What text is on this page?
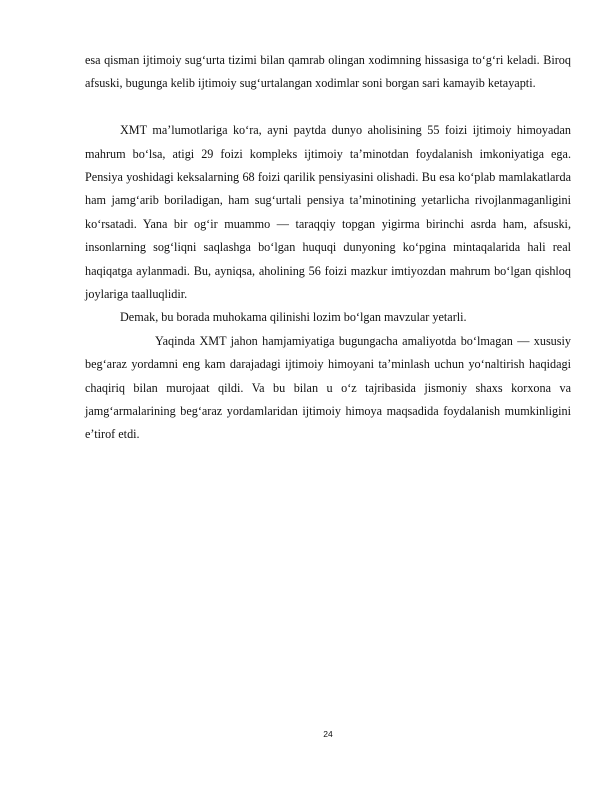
esa qisman ijtimoiy sug‘urta tizimi bilan qamrab olingan xodimning hissasiga to‘g‘ri keladi. Biroq afsuski, bugunga kelib ijtimoiy sug‘urtalangan xodimlar soni borgan sari kamayib ketayapti.

XMT ma’lumotlariga ko‘ra, ayni paytda dunyo aholisining 55 foizi ijtimoiy himoyadan mahrum bo‘lsa, atigi 29 foizi kompleks ijtimoiy ta’minotdan foydalanish imkoniyatiga ega. Pensiya yoshidagi keksalarning 68 foizi qarilik pensiyasini olishadi. Bu esa ko‘plab mamlakatlarda ham jamg‘arib boriladigan, ham sug‘urtali pensiya ta’minotining yetarlicha rivojlanmaganligini ko‘rsatadi. Yana bir og‘ir muammo — taraqqiy topgan yigirma birinchi asrda ham, afsuski, insonlarning sog‘liqni saqlashga bo‘lgan huquqi dunyoning ko‘pgina mintaqalarida hali real haqiqatga aylanmadi. Bu, ayniqsa, aholining 56 foizi mazkur imtiyozdan mahrum bo‘lgan qishloq joylariga taalluqlidir.

Demak, bu borada muhokama qilinishi lozim bo‘lgan mavzular yetarli.

Yaqinda XMT jahon hamjamiyatiga bugungacha amaliyotda bo‘lmagan — xususiy beg‘araz yordamni eng kam darajadagi ijtimoiy himoyani ta’minlash uchun yo‘naltirish haqidagi chaqiriq bilan murojaat qildi. Va bu bilan u o‘z tajribasida jismoniy shaxs korxona va jamg‘armalarining beg‘araz yordamlaridan ijtimoiy himoya maqsadida foydalanish mumkinligini e’tirof etdi.

24
